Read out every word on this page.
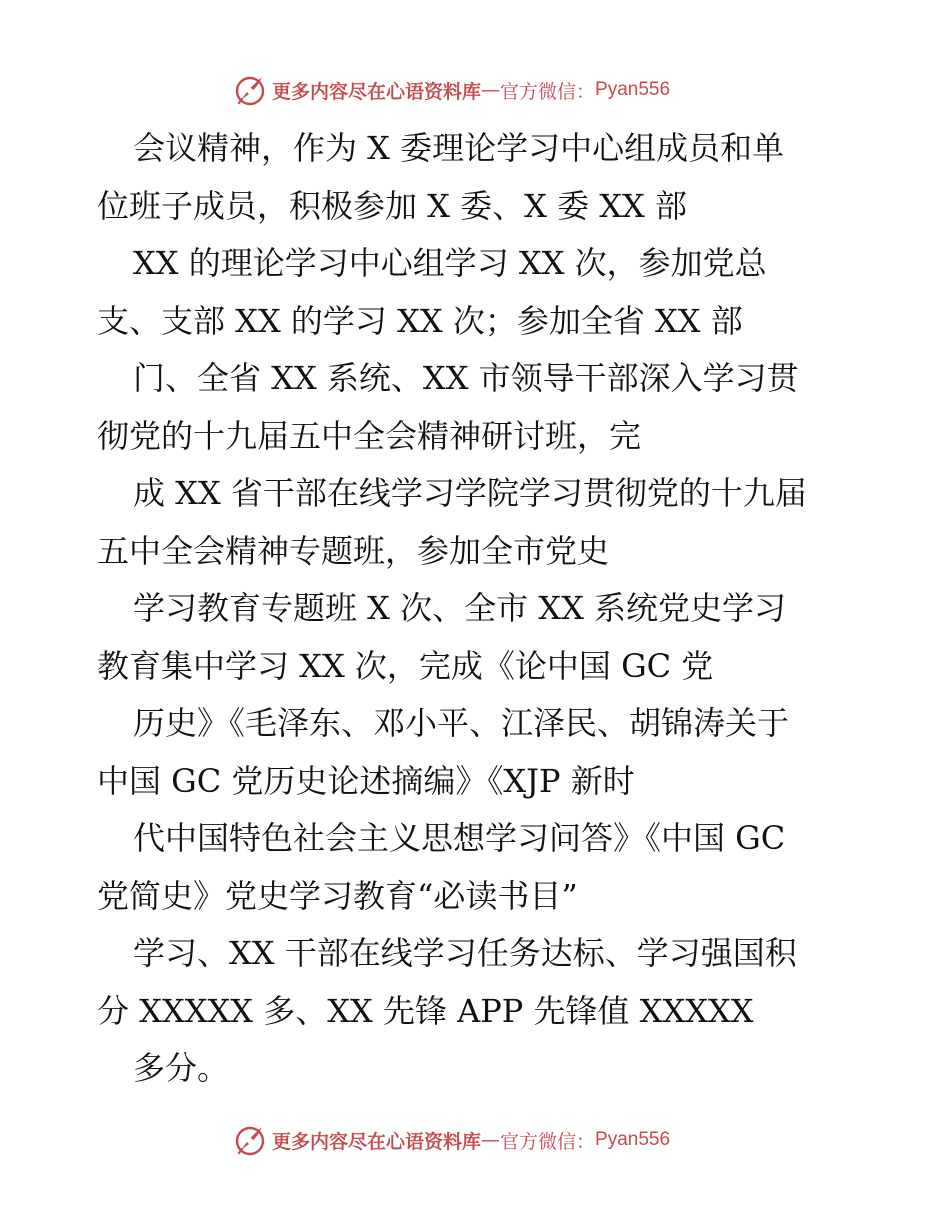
更多内容尽在心语资料库 — 官方微信： Pyan556
会议精神，作为 X 委理论学习中心组成员和单
位班子成员，积极参加 X 委、X 委 XX 部
XX 的理论学习中心组学习 XX 次，参加党总
支、支部 XX 的学习 XX 次；参加全省 XX 部
门、全省 XX 系统、XX 市领导干部深入学习贯
彻党的十九届五中全会精神研讨班，完
成 XX 省干部在线学习学院学习贯彻党的十九届
五中全会精神专题班，参加全市党史
学习教育专题班 X 次、全市 XX 系统党史学习
教育集中学习 XX 次，完成《论中国 GC 党
历史》《毛泽东、邓小平、江泽民、胡锦涛关于
中国 GC 党历史论述摘编》《XJP 新时
代中国特色社会主义思想学习问答》《中国 GC
党简史》党史学习教育“必读书目”
学习、XX 干部在线学习任务达标、学习强国积
分 XXXXX 多、XX 先锋 APP 先锋值 XXXXX
多分。
更多内容尽在心语资料库 — 官方微信： Pyan556
